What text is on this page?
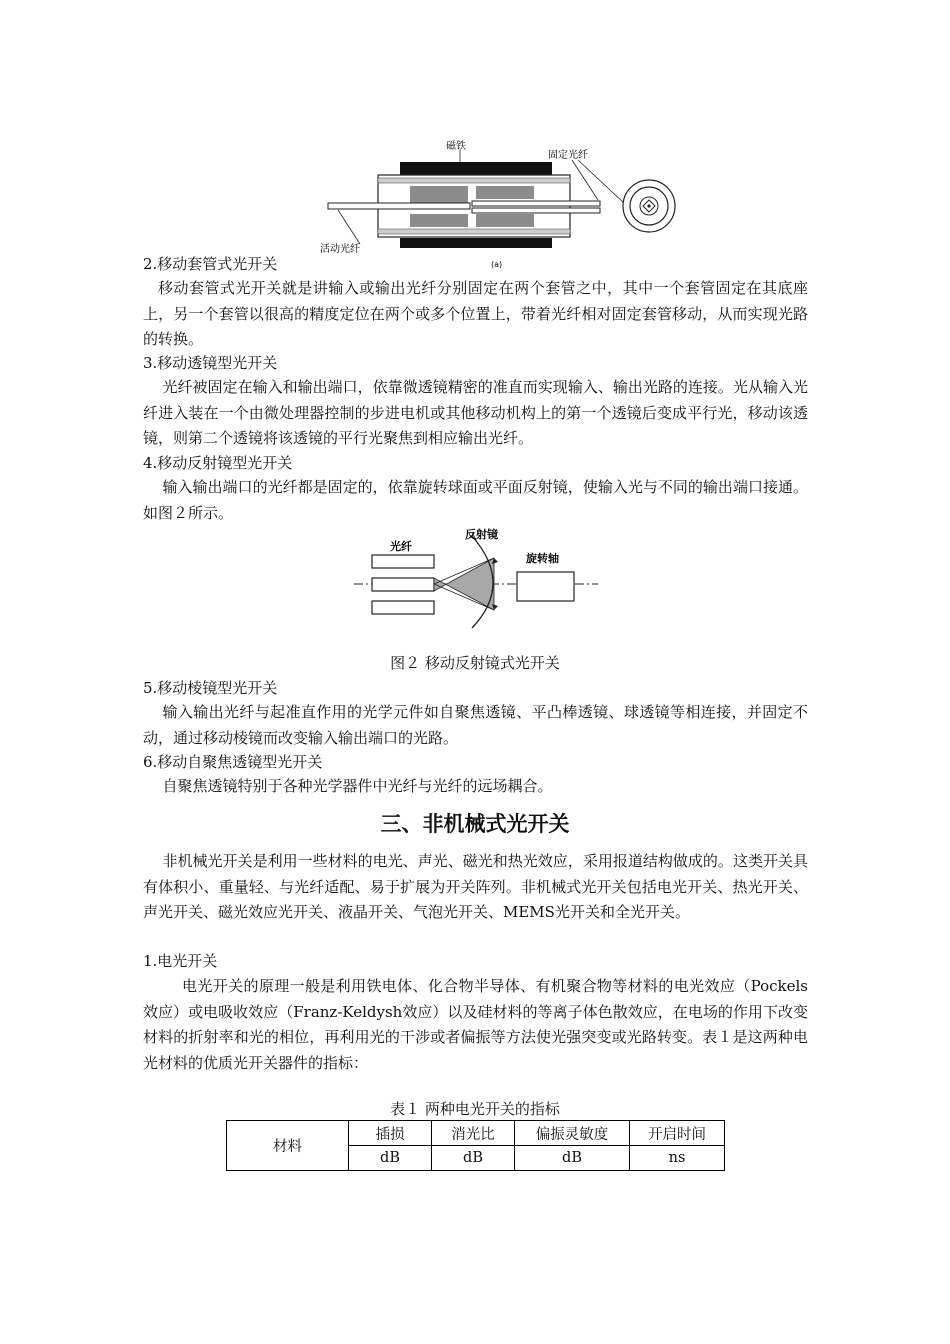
磁铁
固定光纤
活动光纤
(a)
2.移动套管式光开关
移动套管式光开关就是讲输入或输出光纤分别固定在两个套管之中，其中一个套管固定在其底座上，另一个套管以很高的精度定位在两个或多个位置上，带着光纤相对固定套管移动，从而实现光路的转换。
3.移动透镜型光开关
光纤被固定在输入和输出端口，依靠微透镜精密的准直而实现输入、输出光路的连接。光从输入光纤进入装在一个由微处理器控制的步进电机或其他移动机构上的第一个透镜后变成平行光，移动该透镜，则第二个透镜将该透镜的平行光聚焦到相应输出光纤。
4.移动反射镜型光开关
输入输出端口的光纤都是固定的，依靠旋转球面或平面反射镜，使输入光与不同的输出端口接通。如图２所示。
光纤
反射镜
旋转轴
图２ 移动反射镜式光开关
5.移动棱镜型光开关
输入输出光纤与起准直作用的光学元件如自聚焦透镜、平凸棒透镜、球透镜等相连接，并固定不动，通过移动棱镜而改变输入输出端口的光路。
6.移动自聚焦透镜型光开关
自聚焦透镜特别于各种光学器件中光纤与光纤的远场耦合。
三、非机械式光开关
非机械光开关是利用一些材料的电光、声光、磁光和热光效应，采用报道结构做成的。这类开关具有体积小、重量轻、与光纤适配、易于扩展为开关阵列。非机械式光开关包括电光开关、热光开关、声光开关、磁光效应光开关、液晶开关、气泡光开关、MEMS光开关和全光开关。
1.电光开关
电光开关的原理一般是利用铁电体、化合物半导体、有机聚合物等材料的电光效应（Pockels效应）或电吸收效应（Franz-Keldysh效应）以及硅材料的等离子体色散效应，在电场的作用下改变材料的折射率和光的相位，再利用光的干涉或者偏振等方法使光强突变或光路转变。表１是这两种电光材料的优质光开关器件的指标：
表１ 两种电光开关的指标
材料	插损	消光比	偏振灵敏度	开启时间
	dB	dB	dB	ns
